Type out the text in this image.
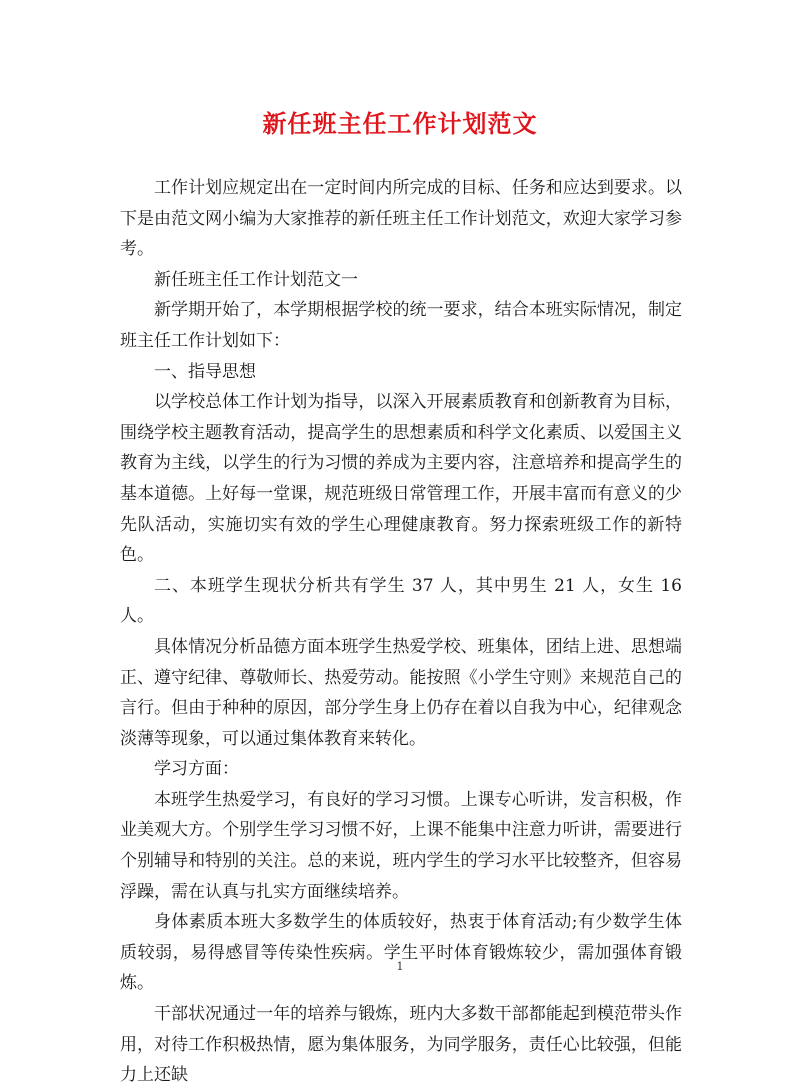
新任班主任工作计划范文

工作计划应规定出在一定时间内所完成的目标、任务和应达到要求。以下是由范文网小编为大家推荐的新任班主任工作计划范文，欢迎大家学习参考。

新任班主任工作计划范文一

新学期开始了，本学期根据学校的统一要求，结合本班实际情况，制定班主任工作计划如下：

一、指导思想

以学校总体工作计划为指导，以深入开展素质教育和创新教育为目标，围绕学校主题教育活动，提高学生的思想素质和科学文化素质、以爱国主义教育为主线，以学生的行为习惯的养成为主要内容，注意培养和提高学生的基本道德。上好每一堂课，规范班级日常管理工作，开展丰富而有意义的少先队活动，实施切实有效的学生心理健康教育。努力探索班级工作的新特色。

二、本班学生现状分析共有学生 37 人，其中男生 21 人，女生 16 人。

具体情况分析品德方面本班学生热爱学校、班集体，团结上进、思想端正、遵守纪律、尊敬师长、热爱劳动。能按照《小学生守则》来规范自己的言行。但由于种种的原因，部分学生身上仍存在着以自我为中心，纪律观念淡薄等现象，可以通过集体教育来转化。

学习方面：

本班学生热爱学习，有良好的学习习惯。上课专心听讲，发言积极，作业美观大方。个别学生学习习惯不好，上课不能集中注意力听讲，需要进行个别辅导和特别的关注。总的来说，班内学生的学习水平比较整齐，但容易浮躁，需在认真与扎实方面继续培养。

身体素质本班大多数学生的体质较好，热衷于体育活动;有少数学生体质较弱，易得感冒等传染性疾病。学生平时体育锻炼较少，需加强体育锻炼。

干部状况通过一年的培养与锻炼，班内大多数干部都能起到模范带头作用，对待工作积极热情，愿为集体服务，为同学服务，责任心比较强，但能力上还缺

1
